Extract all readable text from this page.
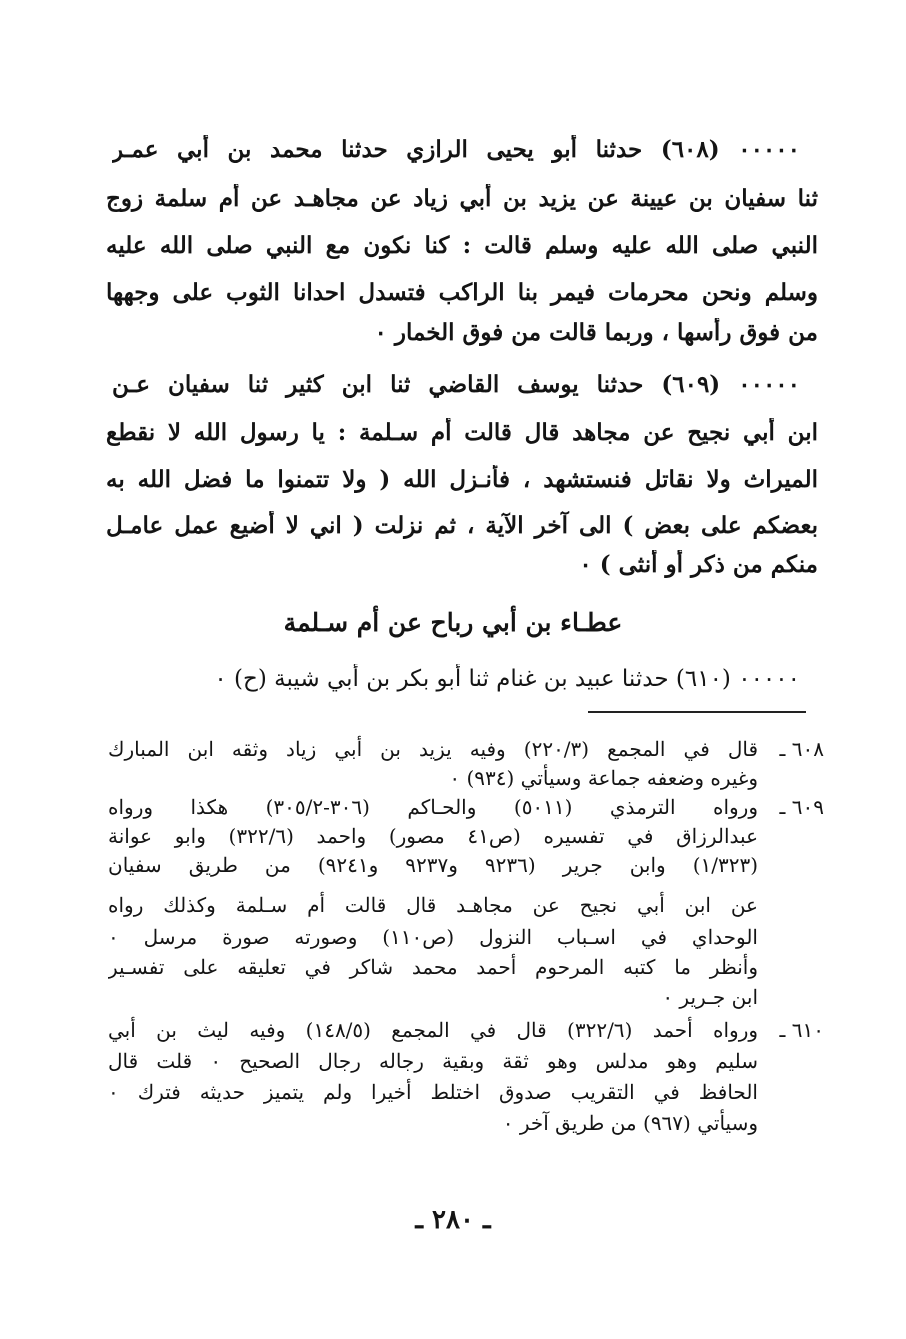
٠٠٠٠٠ (٦٠٨) حدثنا أبو يحيى الرازي حدثنا محمد بن أبي عمـر
ثنا سفيان بن عيينة عن يزيد بن أبي زياد عن مجاهـد عن أم سلمة زوج
النبي صلى الله عليه وسلم قالت : كنا نكون مع النبي صلى الله عليه
وسلم ونحن محرمات فيمر بنا الراكب فتسدل احدانا الثوب على وجهها
من فوق رأسها ، وربما قالت من فوق الخمار ٠
٠٠٠٠٠ (٦٠٩) حدثنا يوسف القاضي ثنا ابن كثير ثنا سفيان عـن
ابن أبي نجيح عن مجاهد قال قالت أم سـلمة : يا رسول الله لا نقطع
الميراث ولا نقاتل فنستشهد ، فأنـزل الله ( ولا تتمنوا ما فضل الله به
بعضكم على بعض ) الى آخر الآية ، ثم نزلت ( اني لا أضيع عمل عامـل
منكم من ذكر أو أنثى ) ٠
عطـاء بن أبي رباح عن أم سـلمة
٠٠٠٠٠ (٦١٠) حدثنا عبيد بن غنام ثنا أبو بكر بن أبي شيبة (ح) ٠
٦٠٨ ـ
قال في المجمع (٢٢٠/٣) وفيه يزيد بن أبي زياد وثقه ابن المبارك
وغيره وضعفه جماعة وسيأتي (٩٣٤) ٠
٦٠٩ ـ
ورواه الترمذي (٥٠١١) والحـاكم (٣٠٦-٣٠٥/٢) هكذا ورواه
عبدالرزاق في تفسيره (ص٤١ مصور) واحمد (٣٢٢/٦) وابو عوانة
(١/٣٢٣) وابن جرير (٩٢٣٦ و٩٢٣٧ و٩٢٤١) من طريق سفيان
عن ابن أبي نجيح عن مجاهـد قال قالت أم سـلمة وكذلك رواه
الوحداي في اسـباب النزول (ص١١٠) وصورته صورة مرسل ٠
وأنظر ما كتبه المرحوم أحمد محمد شاكر في تعليقه على تفسـير
ابن جـرير ٠
٦١٠ ـ
ورواه أحمد (٣٢٢/٦) قال في المجمع (١٤٨/٥) وفيه ليث بن أبي
سليم وهو مدلس وهو ثقة وبقية رجاله رجال الصحيح ٠ قلت قال
الحافظ في التقريب صدوق اختلط أخيرا ولم يتميز حديثه فترك ٠
وسيأتي (٩٦٧) من طريق آخر ٠
ـ ٢٨٠ ـ
